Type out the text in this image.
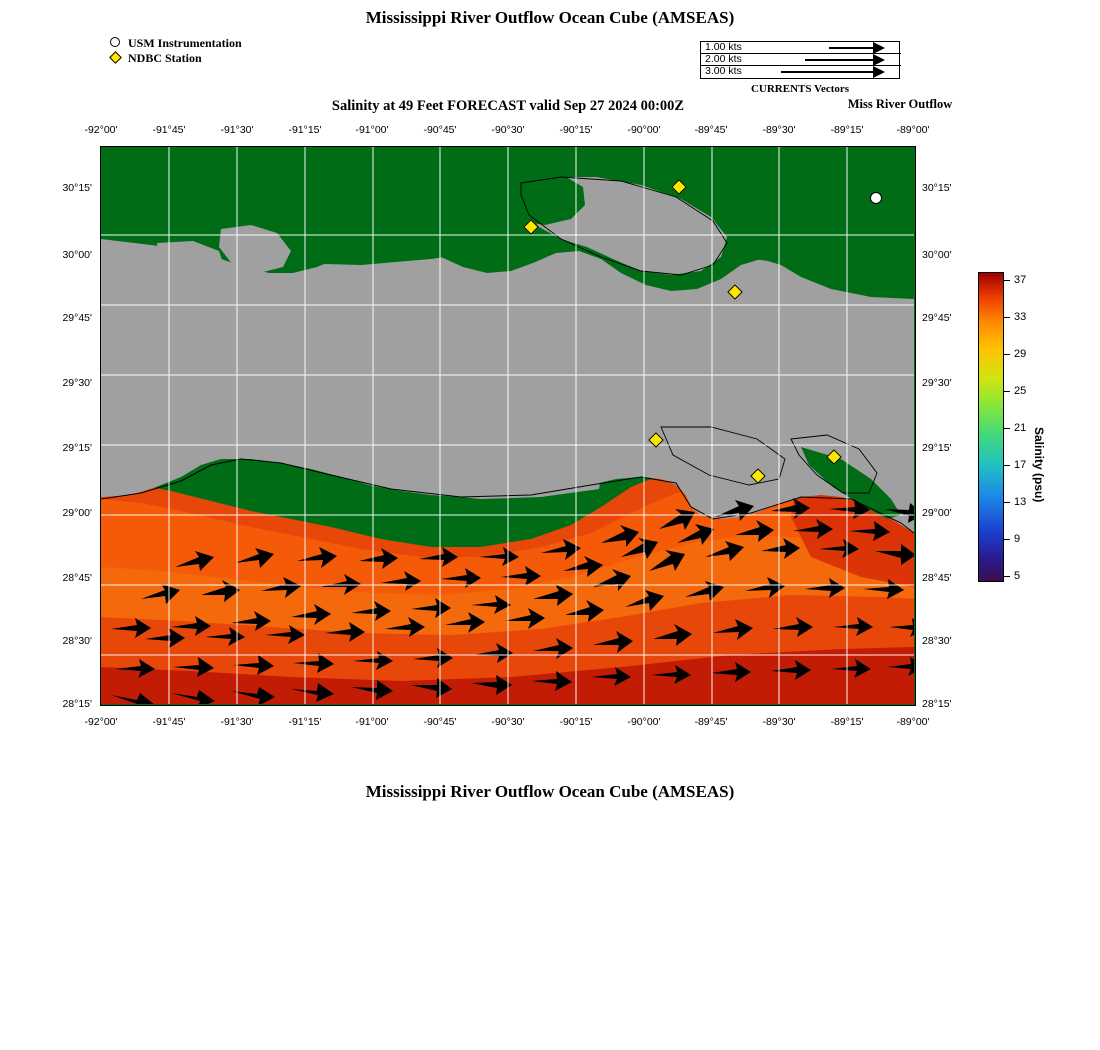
Mississippi River Outflow Ocean Cube (AMSEAS)
Salinity at 49 Feet FORECAST valid Sep 27 2024 00:00Z	Miss River Outflow
Mississippi River Outflow Ocean Cube (AMSEAS)
USM Instrumentation
NDBC Station
1.00 kts
2.00 kts
3.00 kts
CURRENTS Vectors
-92°00'	-91°45'	-91°30'	-91°15'	-91°00'	-90°45'	-90°30'	-90°15'	-90°00'	-89°45'	-89°30'	-89°15'	-89°00'
-92°00'	-91°45'	-91°30'	-91°15'	-91°00'	-90°45'	-90°30'	-90°15'	-90°00'	-89°45'	-89°30'	-89°15'	-89°00'
30°15'
30°00'
29°45'
29°30'
29°15'
29°00'
28°45'
28°30'
28°15'
30°15'
30°00'
29°45'
29°30'
29°15'
29°00'
28°45'
28°30'
28°15'
37
33
29
25
21
17
13
9
5
Salinity (psu)
